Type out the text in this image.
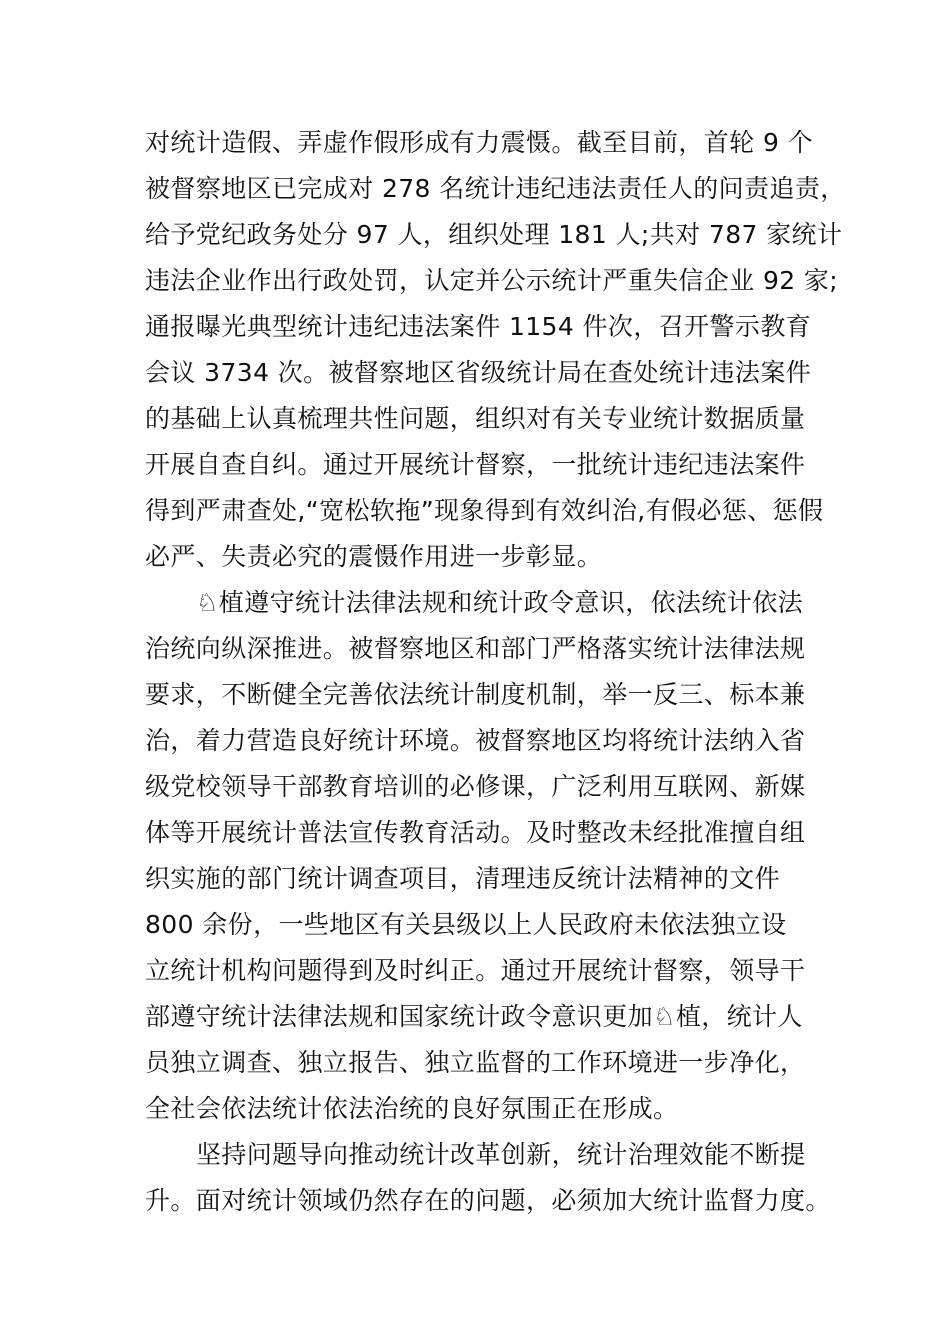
对统计造假、弄虚作假形成有力震慑。截至目前，首轮 9 个
被督察地区已完成对 278 名统计违纪违法责任人的问责追责，
给予党纪政务处分 97 人，组织处理 181 人;共对 787 家统计
违法企业作出行政处罚，认定并公示统计严重失信企业 92 家;
通报曝光典型统计违纪违法案件 1154 件次，召开警示教育
会议 3734 次。被督察地区省级统计局在查处统计违法案件
的基础上认真梳理共性问题，组织对有关专业统计数据质量
开展自查自纠。通过开展统计督察，一批统计违纪违法案件
得到严肃查处,“宽松软拖”现象得到有效纠治,有假必惩、惩假
必严、失责必究的震慑作用进一步彰显。
♘植遵守统计法律法规和统计政令意识，依法统计依法
治统向纵深推进。被督察地区和部门严格落实统计法律法规
要求，不断健全完善依法统计制度机制，举一反三、标本兼
治，着力营造良好统计环境。被督察地区均将统计法纳入省
级党校领导干部教育培训的必修课，广泛利用互联网、新媒
体等开展统计普法宣传教育活动。及时整改未经批准擅自组
织实施的部门统计调查项目，清理违反统计法精神的文件
800 余份，一些地区有关县级以上人民政府未依法独立设
立统计机构问题得到及时纠正。通过开展统计督察，领导干
部遵守统计法律法规和国家统计政令意识更加♘植，统计人
员独立调查、独立报告、独立监督的工作环境进一步净化，
全社会依法统计依法治统的良好氛围正在形成。
坚持问题导向推动统计改革创新，统计治理效能不断提
升。面对统计领域仍然存在的问题，必须加大统计监督力度。
